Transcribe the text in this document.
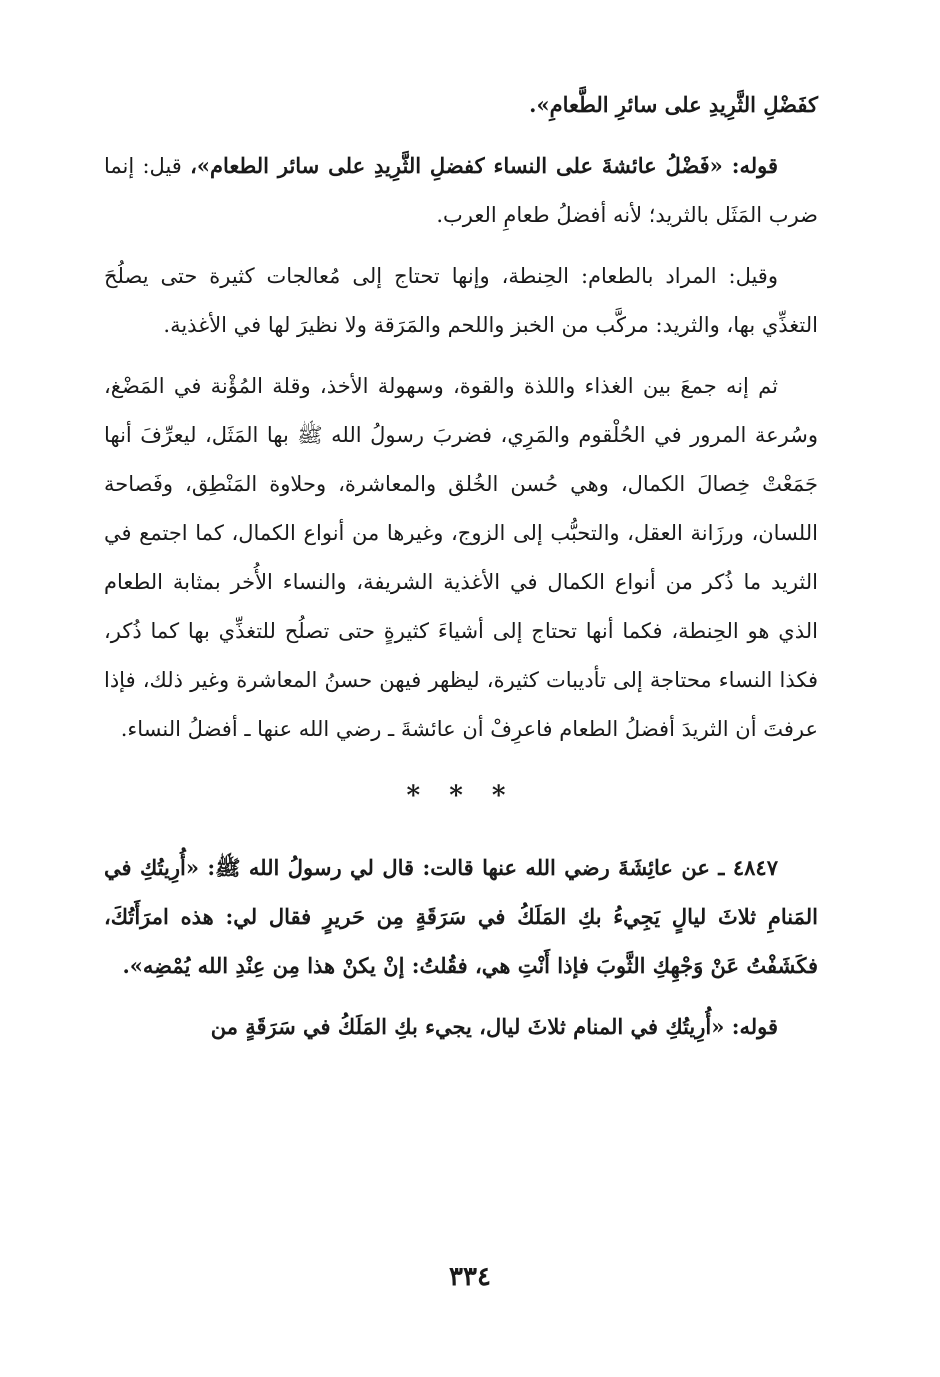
كفَضْلِ الثَّرِيدِ على سائرِ الطَّعامِ».

قوله: «فَضْلُ عائشةَ على النساء كفضلِ الثَّرِيدِ على سائر الطعام»، قيل: إنما ضرب المَثَل بالثريد؛ لأنه أفضلُ طعامِ العرب.

وقيل: المراد بالطعام: الحِنطة، وإنها تحتاج إلى مُعالجات كثيرة حتى يصلُحَ التغذِّي بها، والثريد: مركَّب من الخبز واللحم والمَرَقة ولا نظيرَ لها في الأغذية.

ثم إنه جمعَ بين الغذاء واللذة والقوة، وسهولة الأخذ، وقلة المُؤْنة في المَضْغ، وسُرعة المرور في الحُلْقوم والمَرِي، فضربَ رسولُ الله ﷺ بها المَثَل، ليعرِّفَ أنها جَمَعْتْ خِصالَ الكمال، وهي حُسن الخُلق والمعاشرة، وحلاوة المَنْطِق، وفَصاحة اللسان، ورزَانة العقل، والتحبُّب إلى الزوج، وغيرها من أنواع الكمال، كما اجتمع في الثريد ما ذُكر من أنواع الكمال في الأغذية الشريفة، والنساء الأُخر بمثابة الطعام الذي هو الحِنطة، فكما أنها تحتاج إلى أشياءَ كثيرةٍ حتى تصلُح للتغذِّي بها كما ذُكر، فكذا النساء محتاجة إلى تأديبات كثيرة، ليظهر فيهن حسنُ المعاشرة وغير ذلك، فإذا عرفتَ أن الثريدَ أفضلُ الطعام فاعرِفْ أن عائشةَ ـ رضي الله عنها ـ أفضلُ النساء.

* * *

٤٨٤٧ ـ عن عائِشَةَ رضي الله عنها قالت: قال لي رسولُ الله ﷺ: «أُرِيتُكِ في المَنامِ ثلاثَ ليالٍ يَجِيءُ بكِ المَلَكُ في سَرَقَةٍ مِن حَريرٍ فقال لي: هذه امرَأَتُكَ، فكَشَفْتُ عَنْ وَجْهِكِ الثَّوبَ فإذا أَنْتِ هي، فقُلتُ: إنْ يكنْ هذا مِن عِنْدِ الله يُمْضِه».

قوله: «أُرِيتُكِ في المنام ثلاثَ ليال، يجيء بكِ المَلَكُ في سَرَقَةٍ من

٣٣٤
